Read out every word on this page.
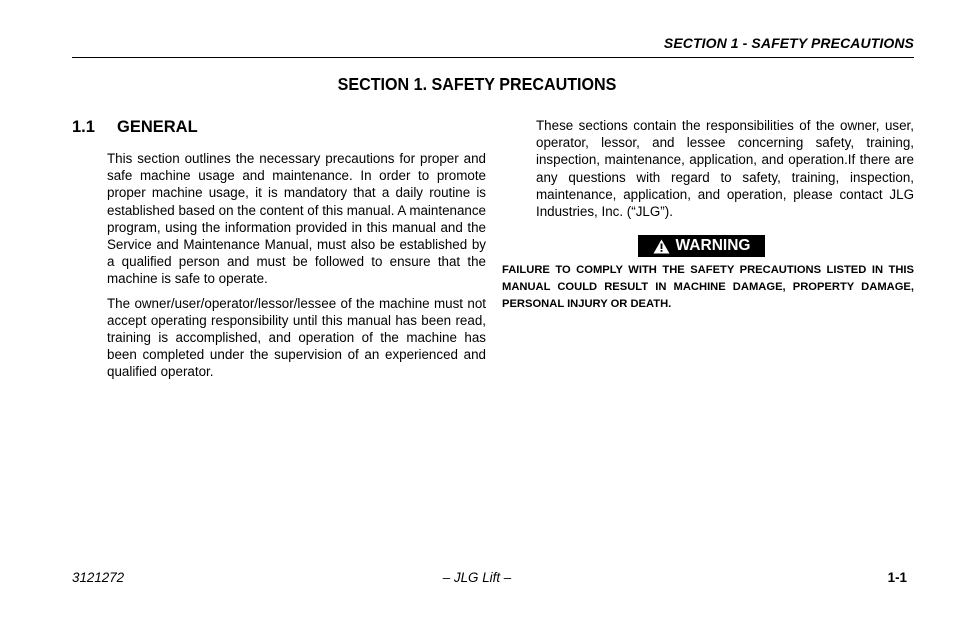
SECTION 1 - SAFETY PRECAUTIONS
SECTION 1. SAFETY PRECAUTIONS
1.1 GENERAL

This section outlines the necessary precautions for proper and safe machine usage and maintenance. In order to promote proper machine usage, it is mandatory that a daily routine is established based on the content of this manual. A maintenance program, using the information provided in this manual and the Service and Maintenance Manual, must also be established by a qualified person and must be followed to ensure that the machine is safe to operate.

The owner/user/operator/lessor/lessee of the machine must not accept operating responsibility until this manual has been read, training is accomplished, and operation of the machine has been completed under the supervision of an experienced and qualified operator.

These sections contain the responsibilities of the owner, user, operator, lessor, and lessee concerning safety, training, inspection, maintenance, application, and operation.If there are any questions with regard to safety, training, inspection, maintenance, application, and operation, please contact JLG Industries, Inc. (“JLG”).

WARNING
FAILURE TO COMPLY WITH THE SAFETY PRECAUTIONS LISTED IN THIS MANUAL COULD RESULT IN MACHINE DAMAGE, PROPERTY DAMAGE, PERSONAL INJURY OR DEATH.
3121272	– JLG Lift –	1-1
